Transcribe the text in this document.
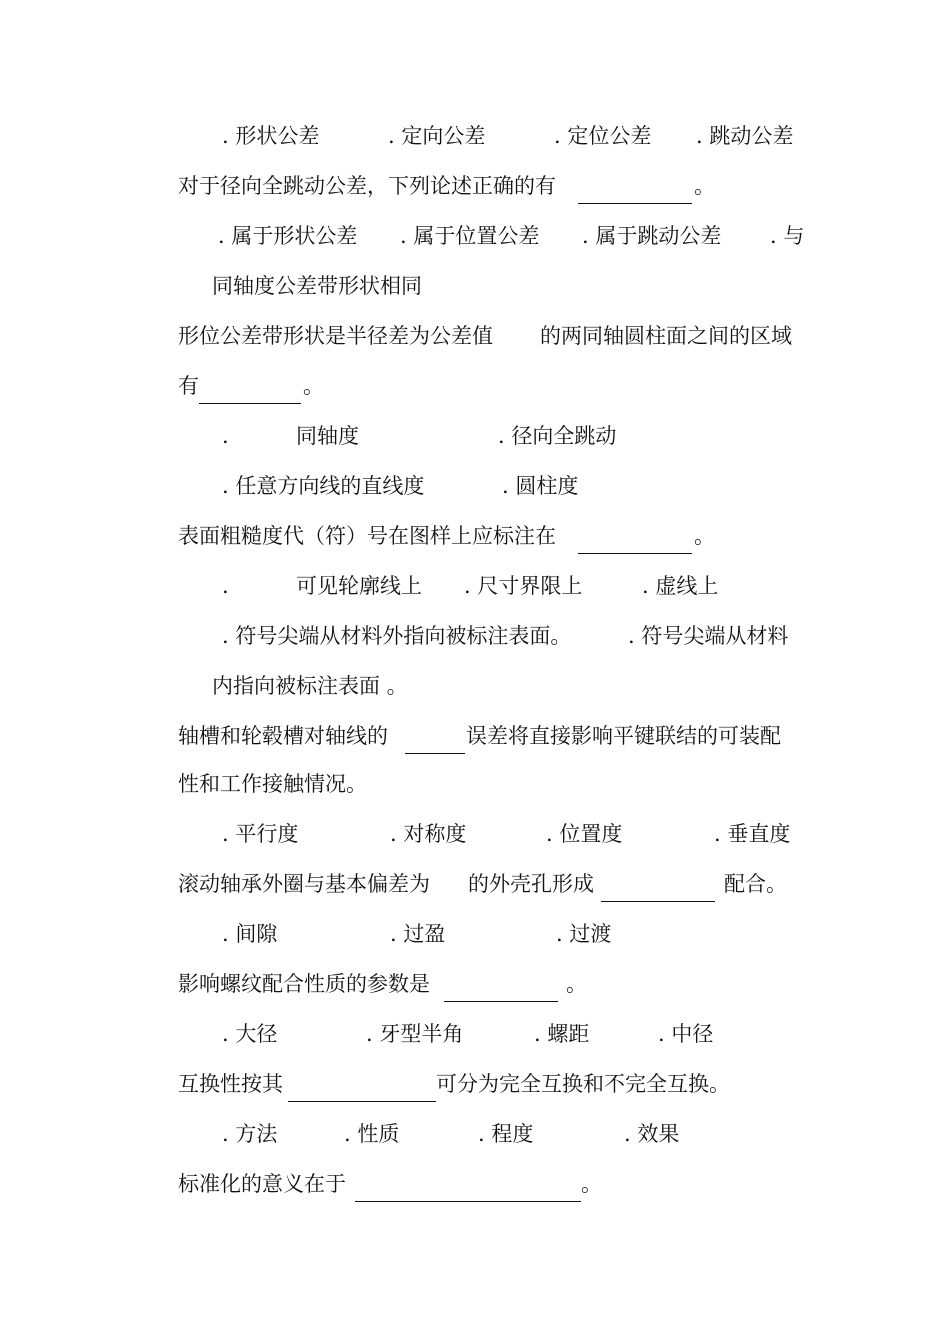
. 形状公差	. 定向公差	. 定位公差 . 跳动公差
对于径向全跳动公差，下列论述正确的有	。
. 属于形状公差 . 属于位置公差 . 属于跳动公差 . 与
同轴度公差带形状相同
形位公差带形状是半径差为公差值 的两同轴圆柱面之间的区域
有	。
.	同轴度	. 径向全跳动
. 任意方向线的直线度	. 圆柱度
表面粗糙度代（符）号在图样上应标注在	。
.	可见轮廓线上 . 尺寸界限上	. 虚线上
. 符号尖端从材料外指向被标注表面。	. 符号尖端从材料
内指向被标注表面 。
轴槽和轮毂槽对轴线的	误差将直接影响平键联结的可装配
性和工作接触情况。
. 平行度	. 对称度	. 位置度	. 垂直度
滚动轴承外圈与基本偏差为 的外壳孔形成	配合。
. 间隙	. 过盈	. 过渡
影响螺纹配合性质的参数是	。
. 大径	. 牙型半角	. 螺距	. 中径
互换性按其	可分为完全互换和不完全互换。
. 方法	. 性质	. 程度	. 效果
标准化的意义在于	。
